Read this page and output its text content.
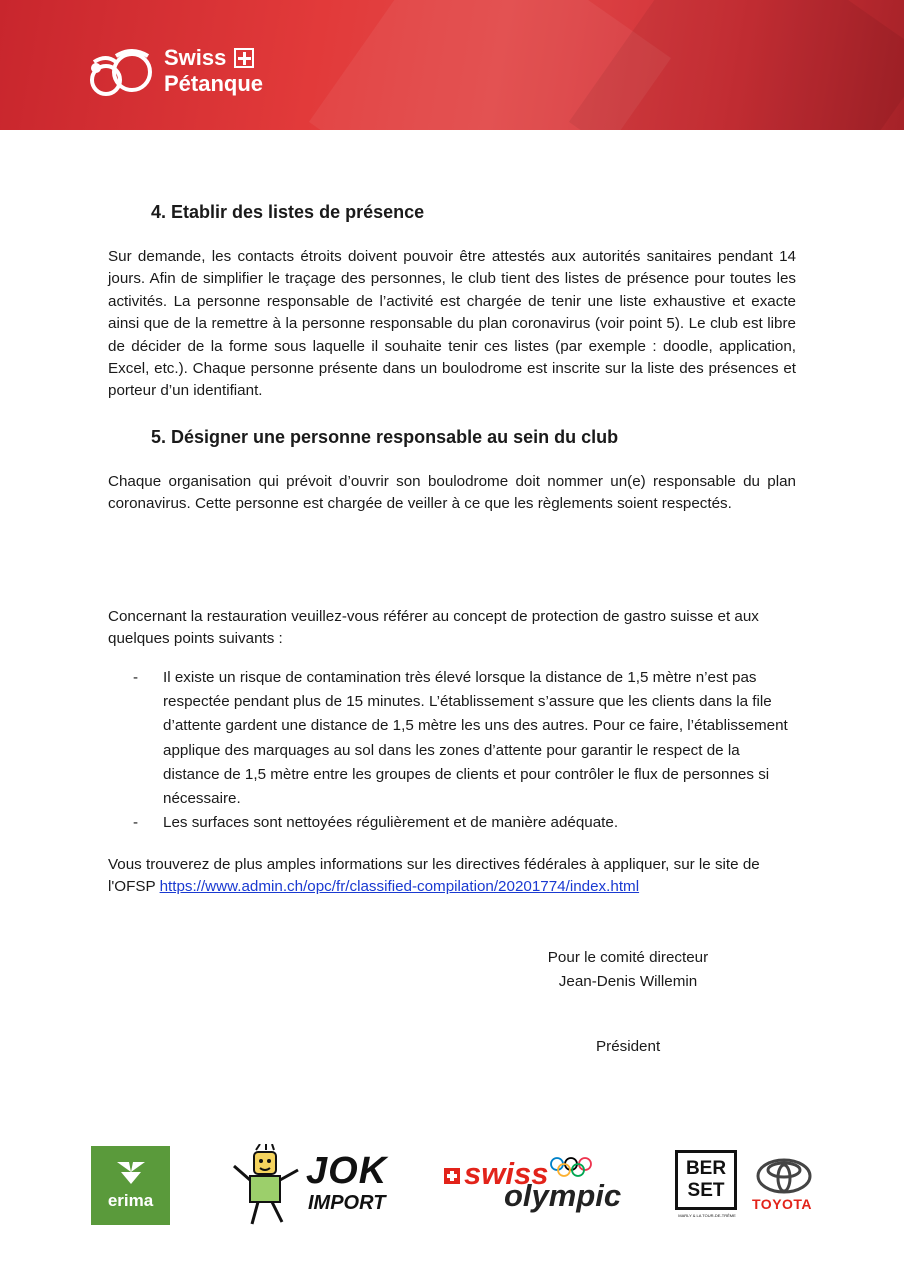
Swiss
Pétanque
4. Etablir des listes de présence

Sur demande, les contacts étroits doivent pouvoir être attestés aux autorités sanitaires pendant 14 jours. Afin de simplifier le traçage des personnes, le club tient des listes de présence pour toutes les activités. La personne responsable de l’activité est chargée de tenir une liste exhaustive et exacte ainsi que de la remettre à la personne responsable du plan coronavirus (voir point 5). Le club est libre de décider de la forme sous laquelle il souhaite tenir ces listes (par exemple : doodle, application, Excel, etc.). Chaque personne présente dans un boulodrome est inscrite sur la liste des présences et porteur d’un identifiant.

5. Désigner une personne responsable au sein du club

Chaque organisation qui prévoit d’ouvrir son boulodrome doit nommer un(e) responsable du plan coronavirus. Cette personne est chargée de veiller à ce que les règlements soient respectés.

Concernant la restauration veuillez-vous référer au concept de protection de gastro suisse et aux quelques points suivants :

- Il existe un risque de contamination très élevé lorsque la distance de 1,5 mètre n’est pas respectée pendant plus de 15 minutes. L’établissement s’assure que les clients dans la file d’attente gardent une distance de 1,5 mètre les uns des autres. Pour ce faire, l’établissement applique des marquages au sol dans les zones d’attente pour garantir le respect de la distance de 1,5 mètre entre les groupes de clients et pour contrôler le flux de personnes si nécessaire.
- Les surfaces sont nettoyées régulièrement et de manière adéquate.

Vous trouverez de plus amples informations sur les directives fédérales à appliquer, sur le site de l'OFSP https://www.admin.ch/opc/fr/classified-compilation/20201774/index.html

Pour le comité directeur
Jean-Denis Willemin
Président
erima
JOK
IMPORT
swiss
olympic
BER
SET
MARLY & LA TOUR-DE-TRÊME
TOYOTA
